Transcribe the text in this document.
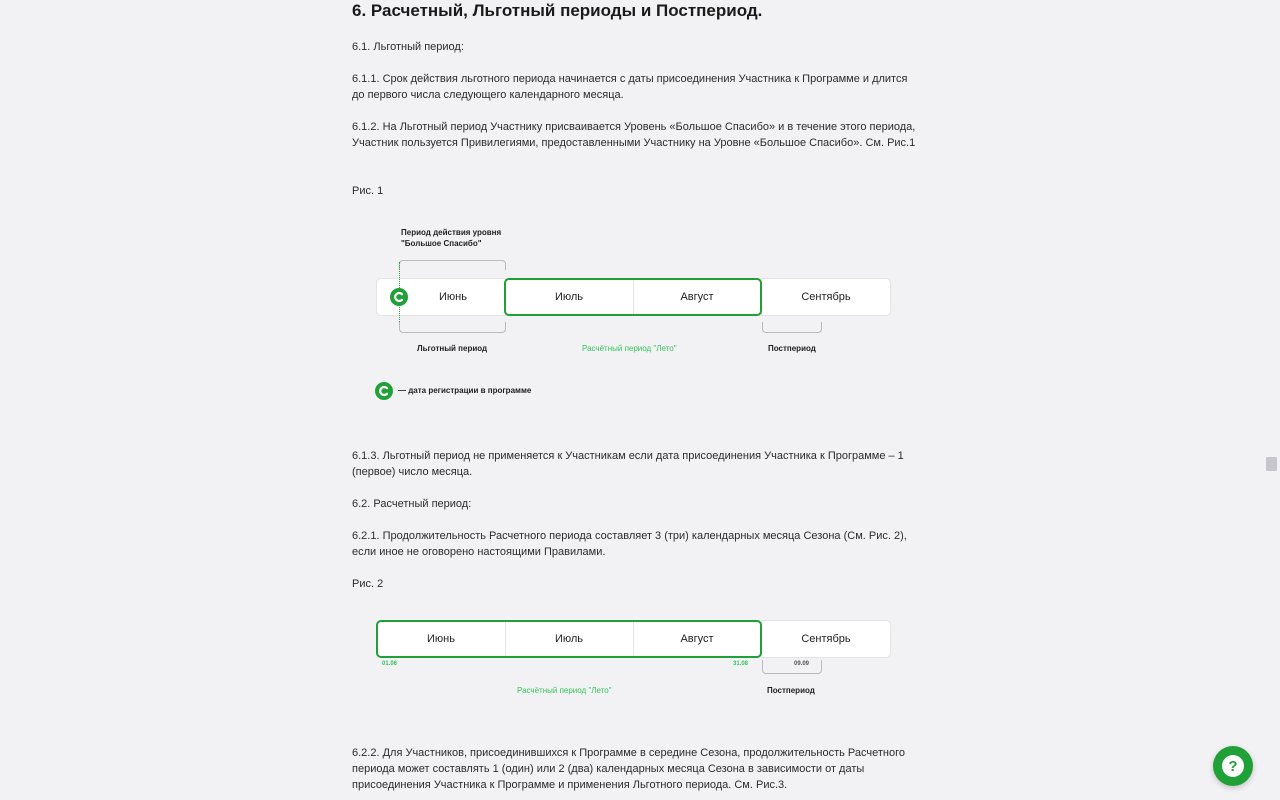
6. Расчетный, Льготный периоды и Постпериод.
6.1. Льготный период:
6.1.1. Срок действия льготного периода начинается с даты присоединения Участника к Программе и длится до первого числа следующего календарного месяца.
6.1.2. На Льготный период Участнику присваивается Уровень «Большое Спасибо» и в течение этого периода, Участник пользуется Привилегиями, предоставленными Участнику на Уровне «Большое Спасибо». См. Рис.1
Рис. 1
Период действия уровня
"Большое Спасибо"
Июнь	Июль	Август	Сентябрь
Льготный период	Расчётный период "Лето"	Постпериод
— дата регистрации в программе
6.1.3. Льготный период не применяется к Участникам если дата присоединения Участника к Программе – 1 (первое) число месяца.
6.2. Расчетный период:
6.2.1. Продолжительность Расчетного периода составляет 3 (три) календарных месяца Сезона (См. Рис. 2), если иное не оговорено настоящими Правилами.
Рис. 2
Июнь	Июль	Август	Сентябрь
01.06	31.08	09.09
Расчётный период "Лето"	Постпериод
6.2.2. Для Участников, присоединившихся к Программе в середине Сезона, продолжительность Расчетного периода может составлять 1 (один) или 2 (два) календарных месяца Сезона в зависимости от даты присоединения Участника к Программе и применения Льготного периода. См. Рис.3.
?
